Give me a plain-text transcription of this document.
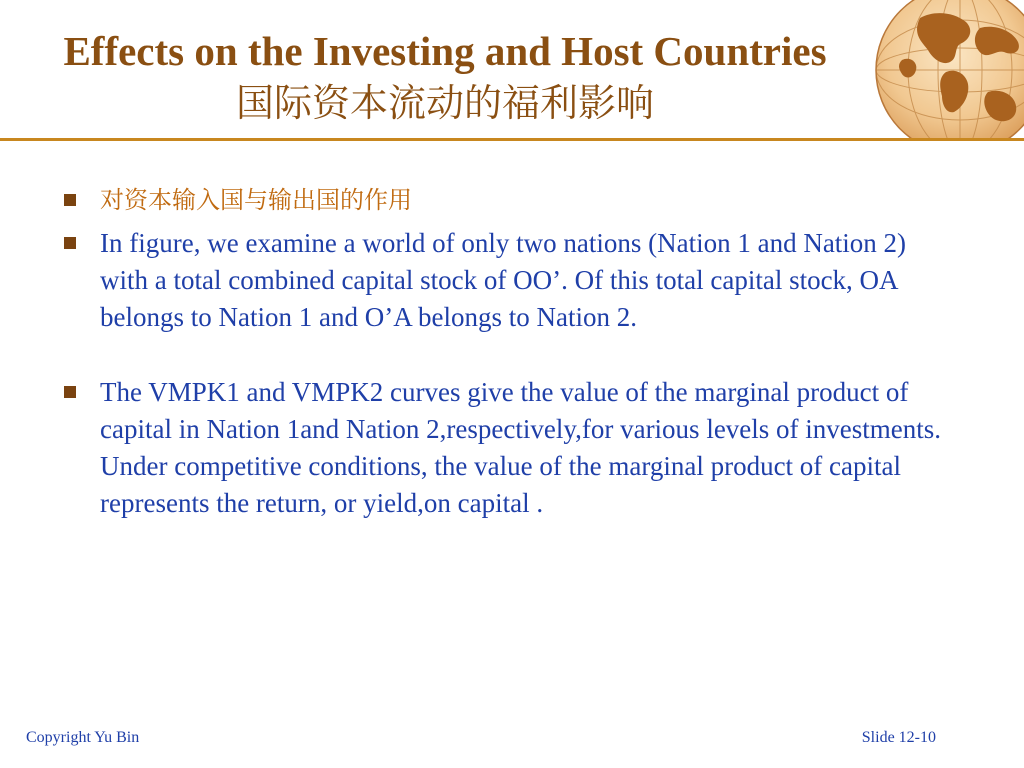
Effects on the Investing and Host Countries
国际资本流动的福利影响
对资本输入国与输出国的作用
In figure, we examine a world of only two nations (Nation 1 and Nation 2) with a total combined capital stock of OO’. Of this total capital stock, OA belongs to Nation 1 and O’A belongs to Nation 2.
The VMPK1 and VMPK2 curves give the value of the marginal product of capital in Nation 1and Nation 2,respectively,for various levels of investments. Under competitive conditions, the value of the marginal product of capital represents the return, or yield,on capital .
Copyright Yu Bin	Slide 12-10
